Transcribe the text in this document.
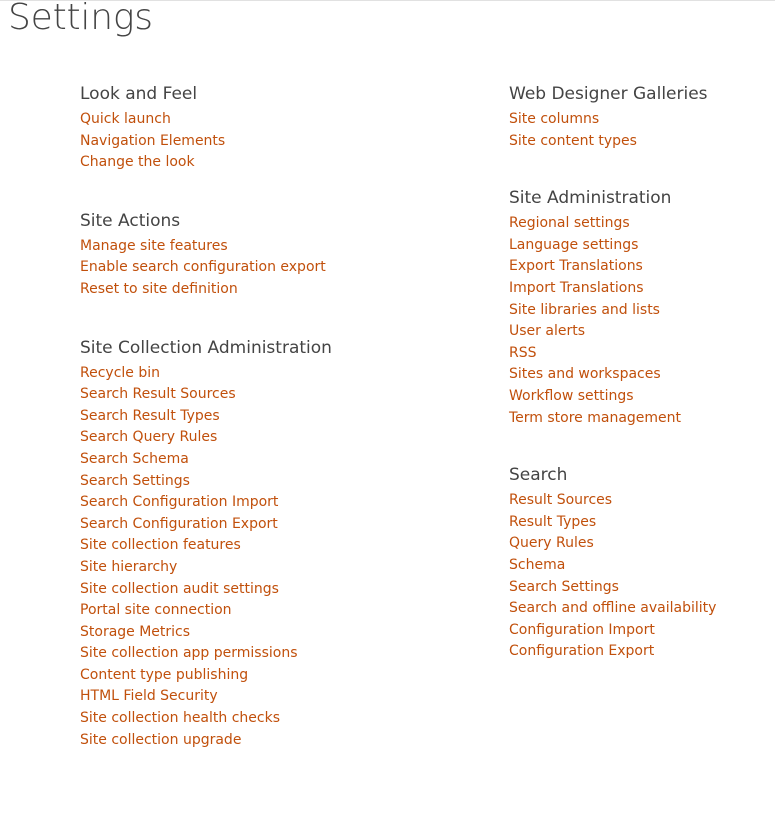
Settings
Look and Feel
Quick launch
Navigation Elements
Change the look
Site Actions
Manage site features
Enable search configuration export
Reset to site definition
Site Collection Administration
Recycle bin
Search Result Sources
Search Result Types
Search Query Rules
Search Schema
Search Settings
Search Configuration Import
Search Configuration Export
Site collection features
Site hierarchy
Site collection audit settings
Portal site connection
Storage Metrics
Site collection app permissions
Content type publishing
HTML Field Security
Site collection health checks
Site collection upgrade
Web Designer Galleries
Site columns
Site content types
Site Administration
Regional settings
Language settings
Export Translations
Import Translations
Site libraries and lists
User alerts
RSS
Sites and workspaces
Workflow settings
Term store management
Search
Result Sources
Result Types
Query Rules
Schema
Search Settings
Search and offline availability
Configuration Import
Configuration Export
